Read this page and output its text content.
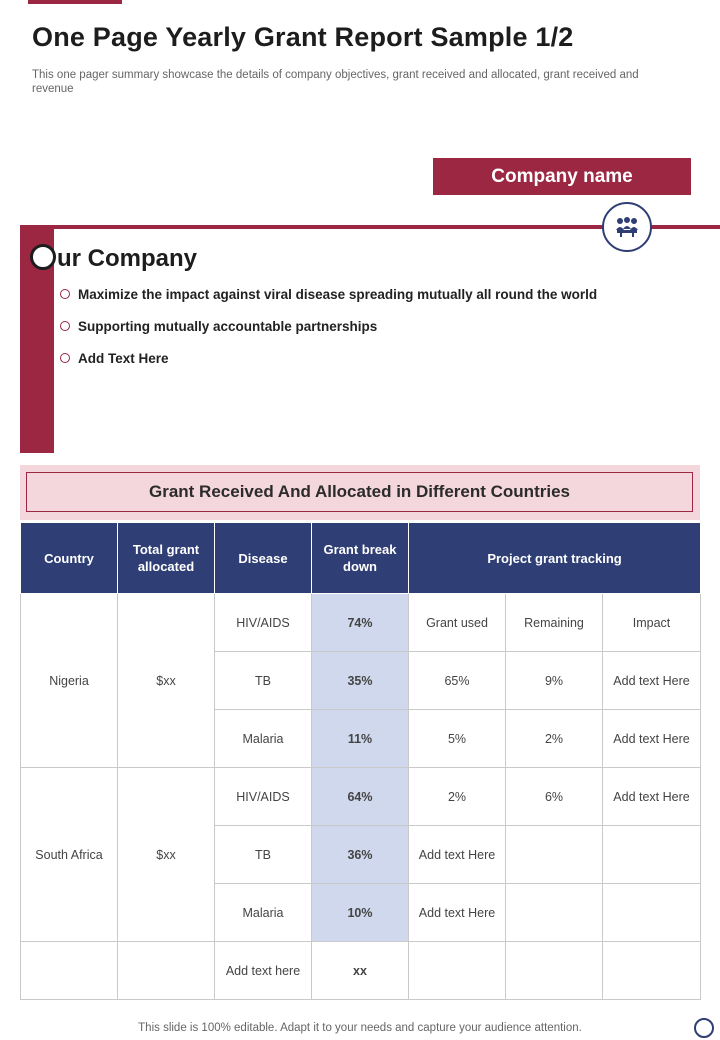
One Page Yearly Grant Report Sample 1/2

This one pager summary showcase the details of company objectives, grant received and allocated, grant received and revenue

Company name
ur Company
Maximize the impact against viral disease spreading mutually all round the world
Supporting mutually accountable partnerships
Add Text Here
Grant Received And Allocated in Different Countries
Country	Total grant allocated	Disease	Grant break down	Project grant tracking		
Nigeria	$xx	HIV/AIDS	74%	Grant used	Remaining	Impact
		TB	35%	65%	9%	Add text Here
		Malaria	11%	5%	2%	Add text Here
South Africa	$xx	HIV/AIDS	64%	2%	6%	Add text Here
		TB	36%	Add text Here		
		Malaria	10%	Add text Here		
		Add text here	xx			
This slide is 100% editable. Adapt it to your needs and capture your audience attention.
